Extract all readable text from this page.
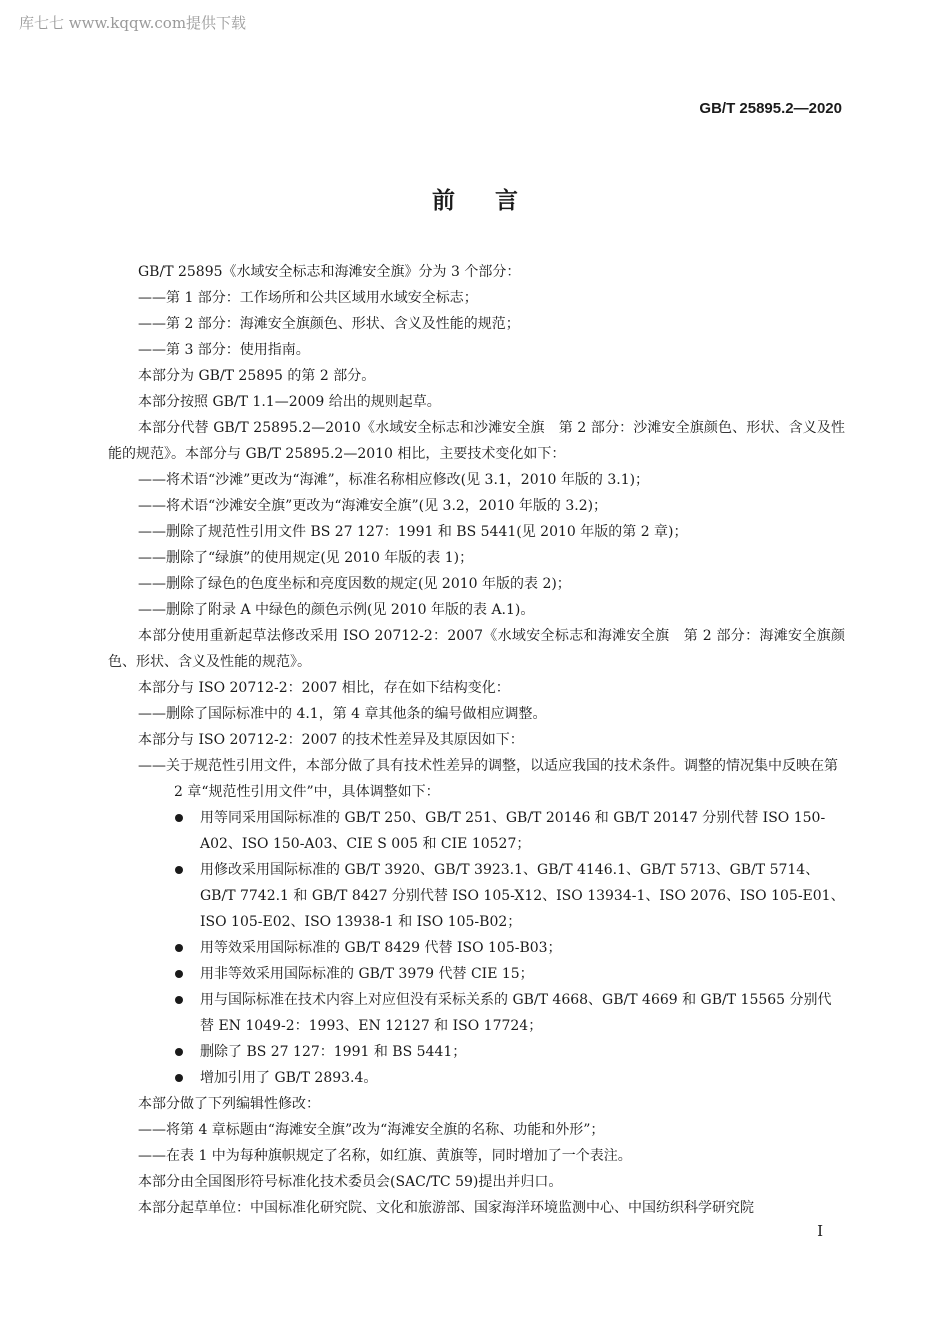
库七七 www.kqqw.com提供下载
GB/T 25895.2—2020
前言

GB/T 25895《水域安全标志和海滩安全旗》分为 3 个部分：

——第 1 部分：工作场所和公共区域用水域安全标志；

——第 2 部分：海滩安全旗颜色、形状、含义及性能的规范；

——第 3 部分：使用指南。

本部分为 GB/T 25895 的第 2 部分。

本部分按照 GB/T 1.1—2009 给出的规则起草。

本部分代替 GB/T 25895.2—2010《水域安全标志和沙滩安全旗　第 2 部分：沙滩安全旗颜色、形状、含义及性能的规范》。本部分与 GB/T 25895.2—2010 相比，主要技术变化如下：

——将术语“沙滩”更改为“海滩”，标准名称相应修改(见 3.1，2010 年版的 3.1)；

——将术语“沙滩安全旗”更改为“海滩安全旗”(见 3.2，2010 年版的 3.2)；

——删除了规范性引用文件 BS 27 127：1991 和 BS 5441(见 2010 年版的第 2 章)；

——删除了“绿旗”的使用规定(见 2010 年版的表 1)；

——删除了绿色的色度坐标和亮度因数的规定(见 2010 年版的表 2)；

——删除了附录 A 中绿色的颜色示例(见 2010 年版的表 A.1)。

本部分使用重新起草法修改采用 ISO 20712-2：2007《水域安全标志和海滩安全旗　第 2 部分：海滩安全旗颜色、形状、含义及性能的规范》。

本部分与 ISO 20712-2：2007 相比，存在如下结构变化：

——删除了国际标准中的 4.1，第 4 章其他条的编号做相应调整。

本部分与 ISO 20712-2：2007 的技术性差异及其原因如下：

——关于规范性引用文件，本部分做了具有技术性差异的调整，以适应我国的技术条件。调整的情况集中反映在第 2 章“规范性引用文件”中，具体调整如下：

用等同采用国际标准的 GB/T 250、GB/T 251、GB/T 20146 和 GB/T 20147 分别代替 ISO 150-A02、ISO 150-A03、CIE S 005 和 CIE 10527；
用修改采用国际标准的 GB/T 3920、GB/T 3923.1、GB/T 4146.1、GB/T 5713、GB/T 5714、GB/T 7742.1 和 GB/T 8427 分别代替 ISO 105-X12、ISO 13934-1、ISO 2076、ISO 105-E01、ISO 105-E02、ISO 13938-1 和 ISO 105-B02；
用等效采用国际标准的 GB/T 8429 代替 ISO 105-B03；
用非等效采用国际标准的 GB/T 3979 代替 CIE 15；
用与国际标准在技术内容上对应但没有采标关系的 GB/T 4668、GB/T 4669 和 GB/T 15565 分别代替 EN 1049-2：1993、EN 12127 和 ISO 17724；
删除了 BS 27 127：1991 和 BS 5441；
增加引用了 GB/T 2893.4。

本部分做了下列编辑性修改：

——将第 4 章标题由“海滩安全旗”改为“海滩安全旗的名称、功能和外形”；

——在表 1 中为每种旗帜规定了名称，如红旗、黄旗等，同时增加了一个表注。

本部分由全国图形符号标准化技术委员会(SAC/TC 59)提出并归口。

本部分起草单位：中国标准化研究院、文化和旅游部、国家海洋环境监测中心、中国纺织科学研究院

I
